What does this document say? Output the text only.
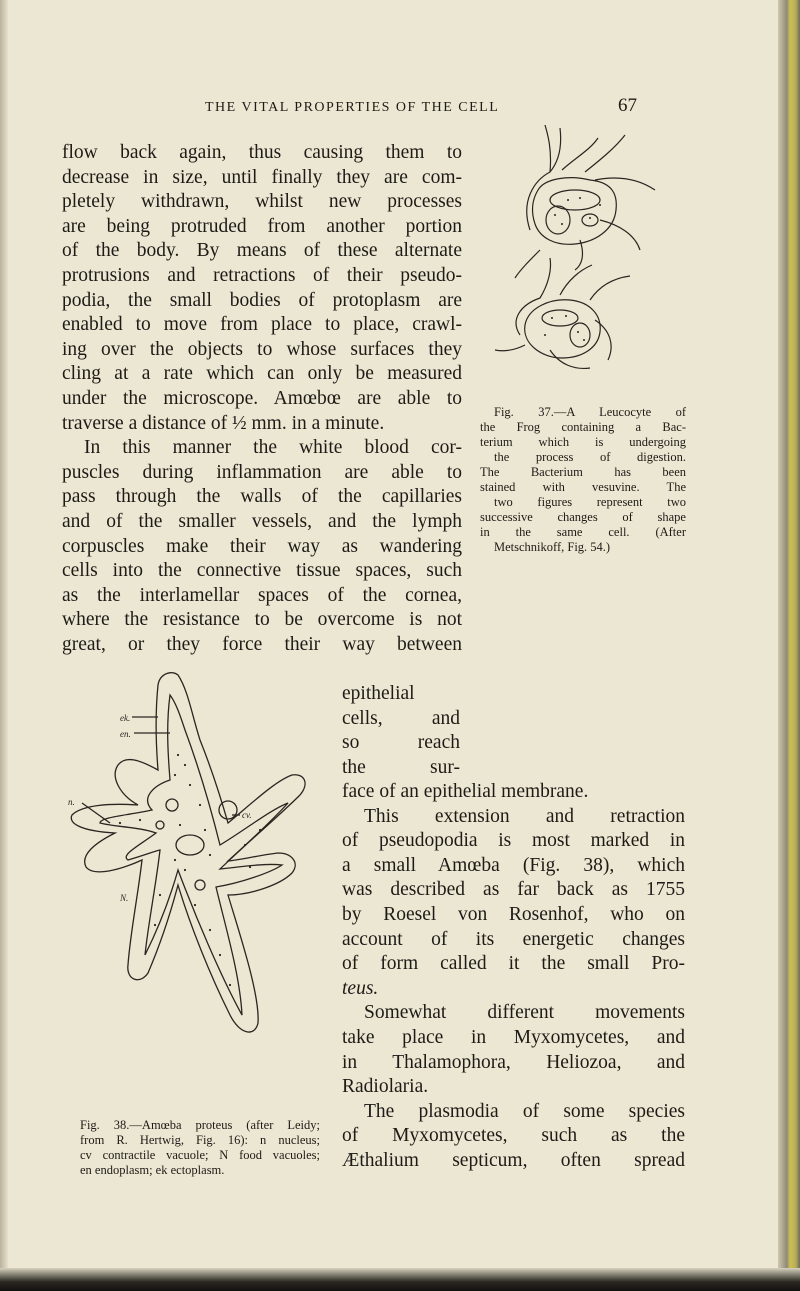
THE VITAL PROPERTIES OF THE CELL	67
flow back again, thus causing them to
decrease in size, until finally they are com-
pletely withdrawn, whilst new processes
are being protruded from another portion
of the body. By means of these alternate
protrusions and retractions of their pseudo-
podia, the small bodies of protoplasm are
enabled to move from place to place, crawl-
ing over the objects to whose surfaces they
cling at a rate which can only be measured
under the microscope. Amœbœ are able to
traverse a distance of ½ mm. in a minute.
In this manner the white blood cor-
puscles during inflammation are able to
pass through the walls of the capillaries
and of the smaller vessels, and the lymph
corpuscles make their way as wandering
cells into the connective tissue spaces, such
as the interlamellar spaces of the cornea,
where the resistance to be overcome is not
great, or they force their way between
epithelial
cells, and
so reach
the sur-
face of an epithelial membrane.
This extension and retraction
of pseudopodia is most marked in
a small Amœba (Fig. 38), which
was described as far back as 1755
by Roesel von Rosenhof, who on
account of its energetic changes
of form called it the small Pro-
teus.
Somewhat different movements
take place in Myxomycetes, and
in Thalamophora, Heliozoa, and
Radiolaria.
The plasmodia of some species
of Myxomycetes, such as the
Æthalium septicum, often spread
Fig. 37.—A Leucocyte of
the Frog containing a Bac-
terium which is undergoing
the process of digestion.
The Bacterium has been
stained with vesuvine. The
two figures represent two
successive changes of shape
in the same cell. (After
Metschnikoff, Fig. 54.)
ek.
en.
cv.
n.
N.
Fig. 38.—Amœba proteus (after Leidy;
from R. Hertwig, Fig. 16): n nucleus;
cv contractile vacuole; N food vacuoles;
en endoplasm; ek ectoplasm.
